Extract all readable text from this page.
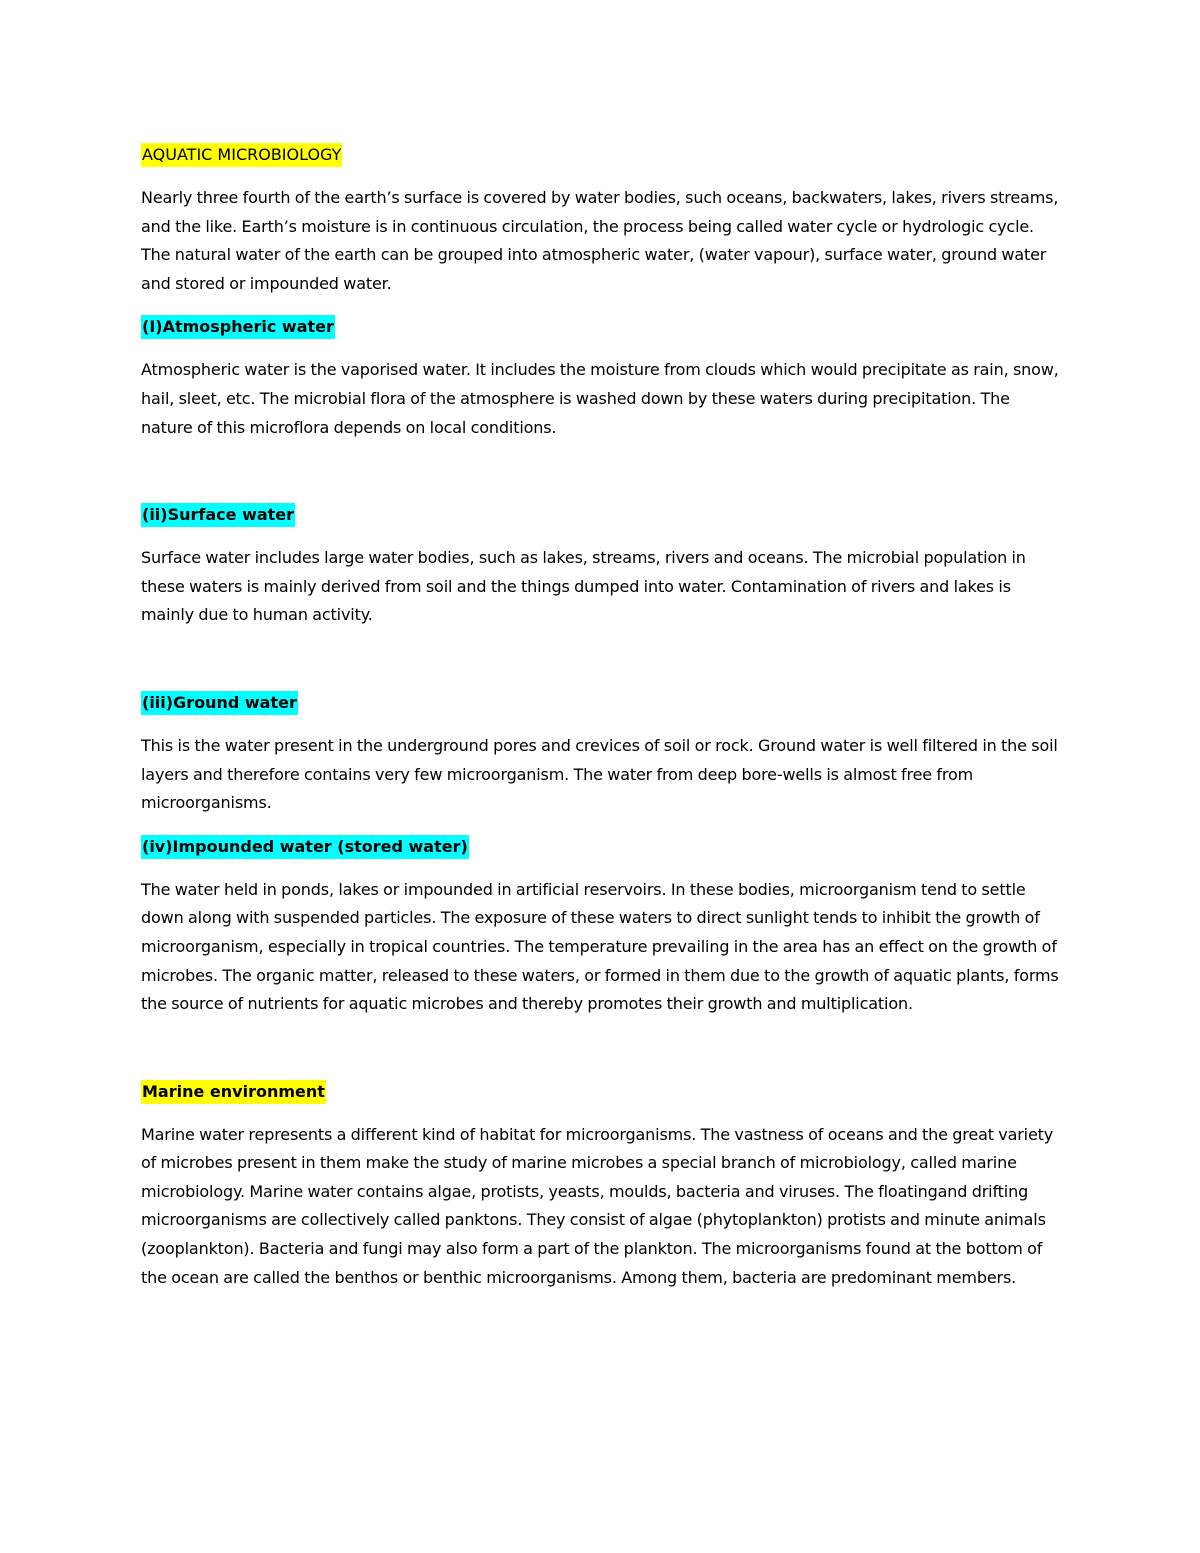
AQUATIC MICROBIOLOGY

Nearly three fourth of the earth’s surface is covered by water bodies, such oceans, backwaters, lakes, rivers streams, and the like. Earth’s moisture is in continuous circulation, the process being called water cycle or hydrologic cycle. The natural water of the earth can be grouped into atmospheric water, (water vapour), surface water, ground water and stored or impounded water.

(I)Atmospheric water

Atmospheric water is the vaporised water. It includes the moisture from clouds which would precipitate as rain, snow, hail, sleet, etc. The microbial flora of the atmosphere is washed down by these waters during precipitation. The nature of this microflora depends on local conditions.

(ii)Surface water

Surface water includes large water bodies, such as lakes, streams, rivers and oceans. The microbial population in these waters is mainly derived from soil and the things dumped into water. Contamination of rivers and lakes is mainly due to human activity.

(iii)Ground water

This is the water present in the underground pores and crevices of soil or rock. Ground water is well filtered in the soil layers and therefore contains very few microorganism. The water from deep bore-wells is almost free from microorganisms.

(iv)Impounded water (stored water)

The water held in ponds, lakes or impounded in artificial reservoirs. In these bodies, microorganism tend to settle down along with suspended particles. The exposure of these waters to direct sunlight tends to inhibit the growth of microorganism, especially in tropical countries. The temperature prevailing in the area has an effect on the growth of microbes. The organic matter, released to these waters, or formed in them due to the growth of aquatic plants, forms the source of nutrients for aquatic microbes and thereby promotes their growth and multiplication.

Marine environment

Marine water represents a different kind of habitat for microorganisms. The vastness of oceans and the great variety of microbes present in them make the study of marine microbes a special branch of microbiology, called marine microbiology. Marine water contains algae, protists, yeasts, moulds, bacteria and viruses. The floatingand drifting microorganisms are collectively called panktons. They consist of algae (phytoplankton) protists and minute animals (zooplankton). Bacteria and fungi may also form a part of the plankton. The microorganisms found at the bottom of the ocean are called the benthos or benthic microorganisms. Among them, bacteria are predominant members.
